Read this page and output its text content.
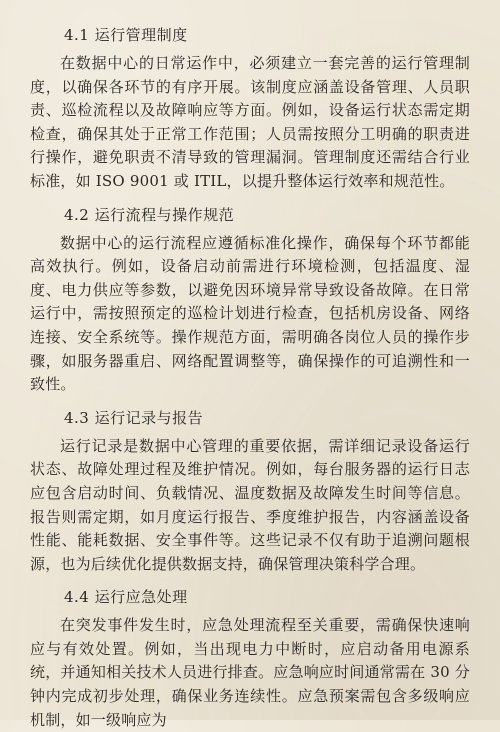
4.1 运行管理制度

在数据中心的日常运作中，必须建立一套完善的运行管理制度，以确保各环节的有序开展。该制度应涵盖设备管理、人员职责、巡检流程以及故障响应等方面。例如，设备运行状态需定期检查，确保其处于正常工作范围；人员需按照分工明确的职责进行操作，避免职责不清导致的管理漏洞。管理制度还需结合行业标准，如 ISO 9001 或 ITIL，以提升整体运行效率和规范性。

4.2 运行流程与操作规范

数据中心的运行流程应遵循标准化操作，确保每个环节都能高效执行。例如，设备启动前需进行环境检测，包括温度、湿度、电力供应等参数，以避免因环境异常导致设备故障。在日常运行中，需按照预定的巡检计划进行检查，包括机房设备、网络连接、安全系统等。操作规范方面，需明确各岗位人员的操作步骤，如服务器重启、网络配置调整等，确保操作的可追溯性和一致性。

4.3 运行记录与报告

运行记录是数据中心管理的重要依据，需详细记录设备运行状态、故障处理过程及维护情况。例如，每台服务器的运行日志应包含启动时间、负载情况、温度数据及故障发生时间等信息。报告则需定期，如月度运行报告、季度维护报告，内容涵盖设备性能、能耗数据、安全事件等。这些记录不仅有助于追溯问题根源，也为后续优化提供数据支持，确保管理决策科学合理。

4.4 运行应急处理

在突发事件发生时，应急处理流程至关重要，需确保快速响应与有效处置。例如，当出现电力中断时，应启动备用电源系统，并通知相关技术人员进行排查。应急响应时间通常需在 30 分钟内完成初步处理，确保业务连续性。应急预案需包含多级响应机制，如一级响应为
